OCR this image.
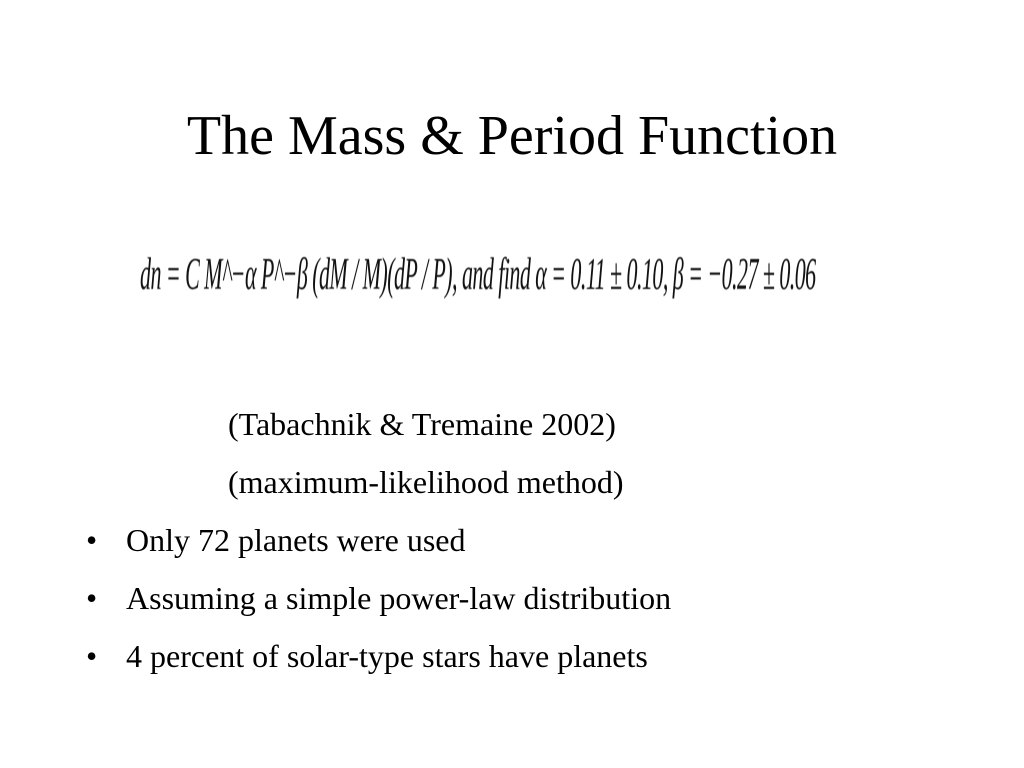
The Mass & Period Function
dn = C M^−α P^−β (dM / M)(dP / P), and find α = 0.11 ± 0.10, β = −0.27 ± 0.06
(Tabachnik & Tremaine 2002)
(maximum-likelihood method)
• Only 72 planets were used
• Assuming a simple power-law distribution
• 4 percent of solar-type stars have planets
